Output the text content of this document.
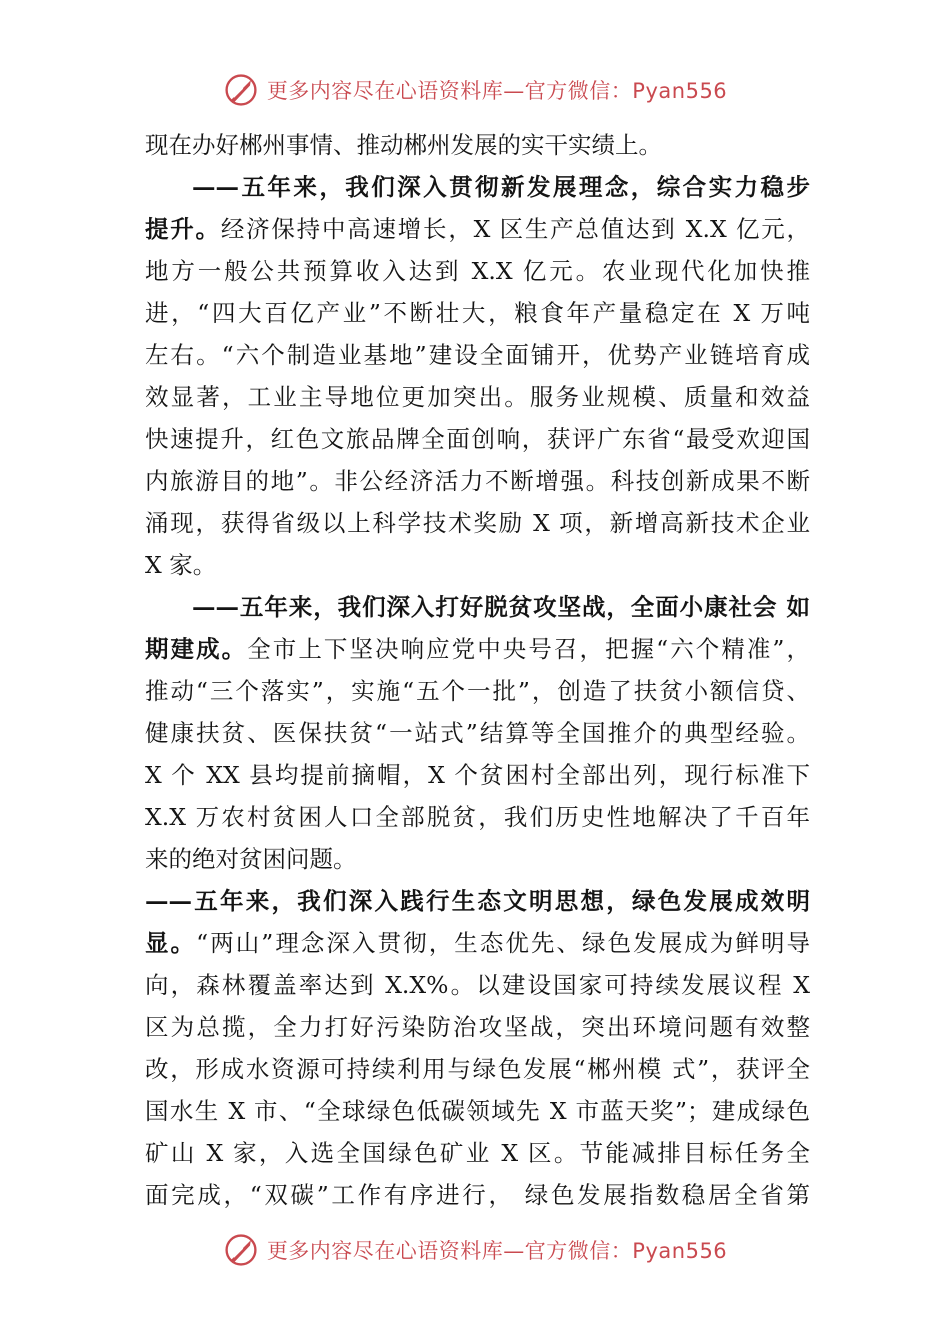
更多内容尽在心语资料库—官方微信：Pyan556
现在办好郴州事情、推动郴州发展的实干实绩上。
——五年来，我们深入贯彻新发展理念，综合实力稳步
提升。经济保持中高速增长，X 区生产总值达到 X.X 亿元，
地方一般公共预算收入达到 X.X 亿元。农业现代化加快推
进，“四大百亿产业”不断壮大，粮食年产量稳定在 X 万吨
左右。“六个制造业基地”建设全面铺开，优势产业链培育成
效显著，工业主导地位更加突出。服务业规模、质量和效益
快速提升，红色文旅品牌全面创响，获评广东省“最受欢迎国
内旅游目的地”。非公经济活力不断增强。科技创新成果不断
涌现，获得省级以上科学技术奖励 X 项，新增高新技术企业
X 家。
——五年来，我们深入打好脱贫攻坚战，全面小康社会 如
期建成。全市上下坚决响应党中央号召，把握“六个精准”，
推动“三个落实”，实施“五个一批”，创造了扶贫小额信贷、
健康扶贫、医保扶贫“一站式”结算等全国推介的典型经验。
X 个 XX 县均提前摘帽，X 个贫困村全部出列，现行标准下
X.X 万农村贫困人口全部脱贫，我们历史性地解决了千百年
来的绝对贫困问题。
——五年来，我们深入践行生态文明思想，绿色发展成效明
显。“两山”理念深入贯彻，生态优先、绿色发展成为鲜明导
向，森林覆盖率达到 X.X%。以建设国家可持续发展议程 X
区为总揽，全力打好污染防治攻坚战，突出环境问题有效整
改，形成水资源可持续利用与绿色发展“郴州模 式”，获评全
国水生 X 市、“全球绿色低碳领域先 X 市蓝天奖”；建成绿色
矿山 X 家，入选全国绿色矿业 X 区。节能减排目标任务全
面完成，“双碳”工作有序进行， 绿色发展指数稳居全省第
更多内容尽在心语资料库—官方微信：Pyan556
